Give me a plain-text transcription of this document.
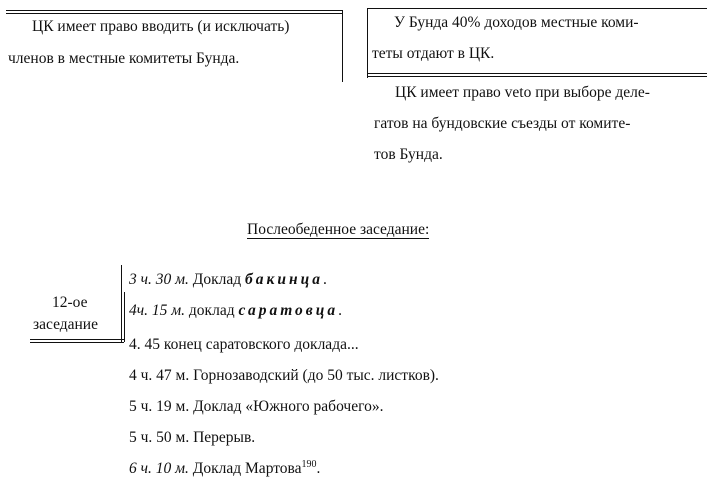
ЦК имеет право вводить (и исключать)
членов в местные комитеты Бунда.
У Бунда 40% доходов местные коми-
теты отдают в ЦК.
ЦК имеет право veto при выборе деле-
гатов на бундовские съезды от комите-
тов Бунда.
Послеобеденное заседание:
12-ое
заседание
3 ч. 30 м. Доклад бакинца.
4ч. 15 м. доклад саратовца.
4. 45 конец саратовского доклада...
4 ч. 47 м. Горнозаводский (до 50 тыс. листков).
5 ч. 19 м. Доклад «Южного рабочего».
5 ч. 50 м. Перерыв.
6 ч. 10 м. Доклад Мартова$^{190}$.
